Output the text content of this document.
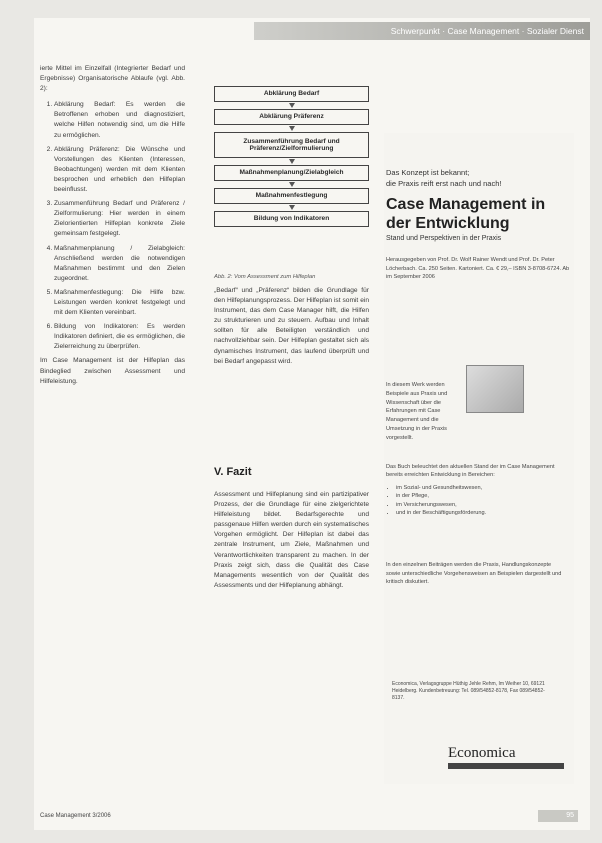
Schwerpunkt · Case Management · Sozialer Dienst

ierte Mittel im Einzelfall (Integrierter Bedarf und Ergebnisse) Organisatorische Ablaufe (vgl. Abb. 2):

1. Abklärung Bedarf: Es werden die Betroffenen erhoben und diagnostiziert, welche Hilfen notwendig sind, um die Hilfe zu ermöglichen.
2. Abklärung Präferenz: Die Wünsche und Vorstellungen des Klienten (Interessen, Beobachtungen) werden mit dem Klienten besprochen und erheblich den Hilfeplan beeinflusst.
3. Zusammenführung Bedarf und Präferenz / Zielformulierung: Hier werden in einem Zielorientierten Hilfeplan konkrete Ziele gemeinsam festgelegt.
4. Maßnahmenplanung / Zielabgleich: Anschließend werden die notwendigen Maßnahmen bestimmt und den Zielen zugeordnet.
5. Maßnahmenfestlegung: Die Hilfe bzw. Leistungen werden konkret festgelegt und mit dem Klienten vereinbart.
6. Bildung von Indikatoren: Es werden Indikatoren definiert, die es ermöglichen, die Zielerreichung zu überprüfen.

Im Case Management ist der Hilfeplan das Bindeglied zwischen Assessment und Hilfeleistung.

Abklärung Bedarf
Abklärung Präferenz
Zusammenführung Bedarf und Präferenz/Zielformulierung
Maßnahmenplanung/Zielabgleich
Maßnahmenfestlegung
Bildung von Indikatoren
Abb. 2: Vom Assessment zum Hilfeplan

„Bedarf“ und „Präferenz“ bilden die Grundlage für den Hilfeplanungsprozess. Der Hilfeplan ist somit ein Instrument, das dem Case Manager hilft, die Hilfen zu strukturieren und zu steuern. Aufbau und Inhalt sollten für alle Beteiligten verständlich und nachvollziehbar sein. Der Hilfeplan gestaltet sich als dynamisches Instrument, das laufend überprüft und bei Bedarf angepasst wird.

V. Fazit

Assessment und Hilfeplanung sind ein partizipativer Prozess, der die Grundlage für eine zielgerichtete Hilfeleistung bildet. Bedarfsgerechte und passgenaue Hilfen werden durch ein systematisches Vorgehen ermöglicht. Der Hilfeplan ist dabei das zentrale Instrument, um Ziele, Maßnahmen und Verantwortlichkeiten transparent zu machen. In der Praxis zeigt sich, dass die Qualität des Case Managements wesentlich von der Qualität des Assessments und der Hilfeplanung abhängt.

Das Konzept ist bekannt;
die Praxis reift erst nach und nach!
Case Management in der Entwicklung
Stand und Perspektiven in der Praxis
Herausgegeben von Prof. Dr. Wolf Rainer Wendt und Prof. Dr. Peter Löcherbach. Ca. 250 Seiten. Kartoniert. Ca. € 29,– ISBN 3-8708-6724. Ab im September 2006
In diesem Werk werden Beispiele aus Praxis und Wissenschaft über die Erfahrungen mit Case Management und die Umsetzung in der Praxis vorgestellt.
Das Buch beleuchtet den aktuellen Stand der im Case Management bereits erreichten Entwicklung in Bereichen:
• im Sozial- und Gesundheitswesen,
• in der Pflege,
• im Versicherungswesen,
• und in der Beschäftigungsförderung.
In den einzelnen Beiträgen werden die Praxis, Handlungskonzepte sowie unterschiedliche Vorgehensweisen an Beispielen dargestellt und kritisch diskutiert.
Economica, Verlagsgruppe Hüthig Jehle Rehm, Im Weiher 10, 69121 Heidelberg. Kundenbetreuung: Tel. 089/54852-8178, Fax 089/54852-8137.
Economica
Case Management 3/2006	95
